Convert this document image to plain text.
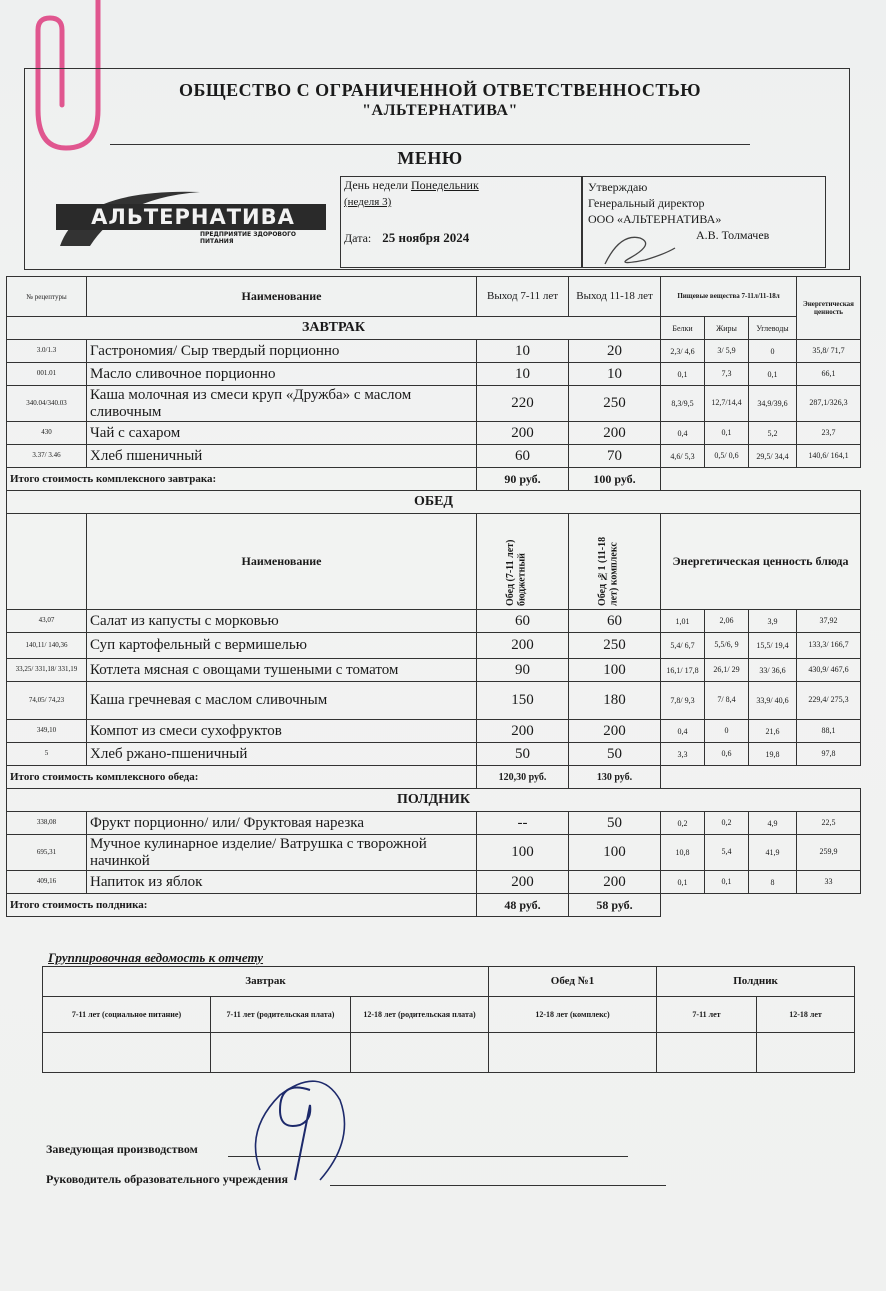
ОБЩЕСТВО С ОГРАНИЧЕННОЙ ОТВЕТСТВЕННОСТЬЮ
"АЛЬТЕРНАТИВА"
МЕНЮ
АЛЬТЕРНАТИВА
ПРЕДПРИЯТИЕ ЗДОРОВОГО ПИТАНИЯ
День недели Понедельник
(неделя 3)
Дата: 25 ноября 2024
Утверждаю
Генеральный директор
ООО «АЛЬТЕРНАТИВА»
А.В. Толмачев
№ рецептуры	Наименование	Выход 7-11 лет	Выход 11-18 лет	Пищевые вещества 7-11л/11-18л			Энергетическая ценность
ЗАВТРАК				Белки	Жиры	Углеводы	
3.0/1.3	Гастрономия/ Сыр твердый порционно	10	20	2,3/ 4,6	3/ 5,9	0	35,8/ 71,7
001.01	Масло сливочное порционно	10	10	0,1	7,3	0,1	66,1
340.04/340.03	Каша молочная из смеси круп «Дружба» с маслом сливочным	220	250	8,3/9,5	12,7/14,4	34,9/39,6	287,1/326,3
430	Чай с сахаром	200	200	0,4	0,1	5,2	23,7
3.37/ 3.46	Хлеб пшеничный	60	70	4,6/ 5,3	0,5/ 0,6	29,5/ 34,4	140,6/ 164,1
Итого стоимость комплексного завтрака:		90 руб.	100 руб.				
ОБЕД							
	Наименование	Обед (7-11 лет) бюджетный	Обед №1 (11-18 лет) комплекс	Энергетическая ценность блюда			
43,07	Салат из капусты с морковью	60	60	1,01	2,06	3,9	37,92
140,11/ 140,36	Суп картофельный с вермишелью	200	250	5,4/ 6,7	5,5/6, 9	15,5/ 19,4	133,3/ 166,7
33,25/ 331,18/ 331,19	Котлета мясная с овощами тушеными с томатом	90	100	16,1/ 17,8	26,1/ 29	33/ 36,6	430,9/ 467,6
74,05/ 74,23	Каша гречневая с маслом сливочным	150	180	7,8/ 9,3	7/ 8,4	33,9/ 40,6	229,4/ 275,3
349,10	Компот из смеси сухофруктов	200	200	0,4	0	21,6	88,1
5	Хлеб ржано-пшеничный	50	50	3,3	0,6	19,8	97,8
Итого стоимость комплексного обеда:		120,30 руб.	130 руб.				
ПОЛДНИК							
338,08	Фрукт порционно/ или/ Фруктовая нарезка	--	50	0,2	0,2	4,9	22,5
695,31	Мучное кулинарное изделие/ Ватрушка с творожной начинкой	100	100	10,8	5,4	41,9	259,9
409,16	Напиток из яблок	200	200	0,1	0,1	8	33
Итого стоимость полдника:		48 руб.	58 руб.				
Группировочная ведомость к отчету
Завтрак			Обед №1	Полдник	
7-11 лет (социальное питание)	7-11 лет (родительская плата)	12-18 лет (родительская плата)	12-18 лет (комплекс)	7-11 лет	12-18 лет

Заведующая производством
Руководитель образовательного учреждения
